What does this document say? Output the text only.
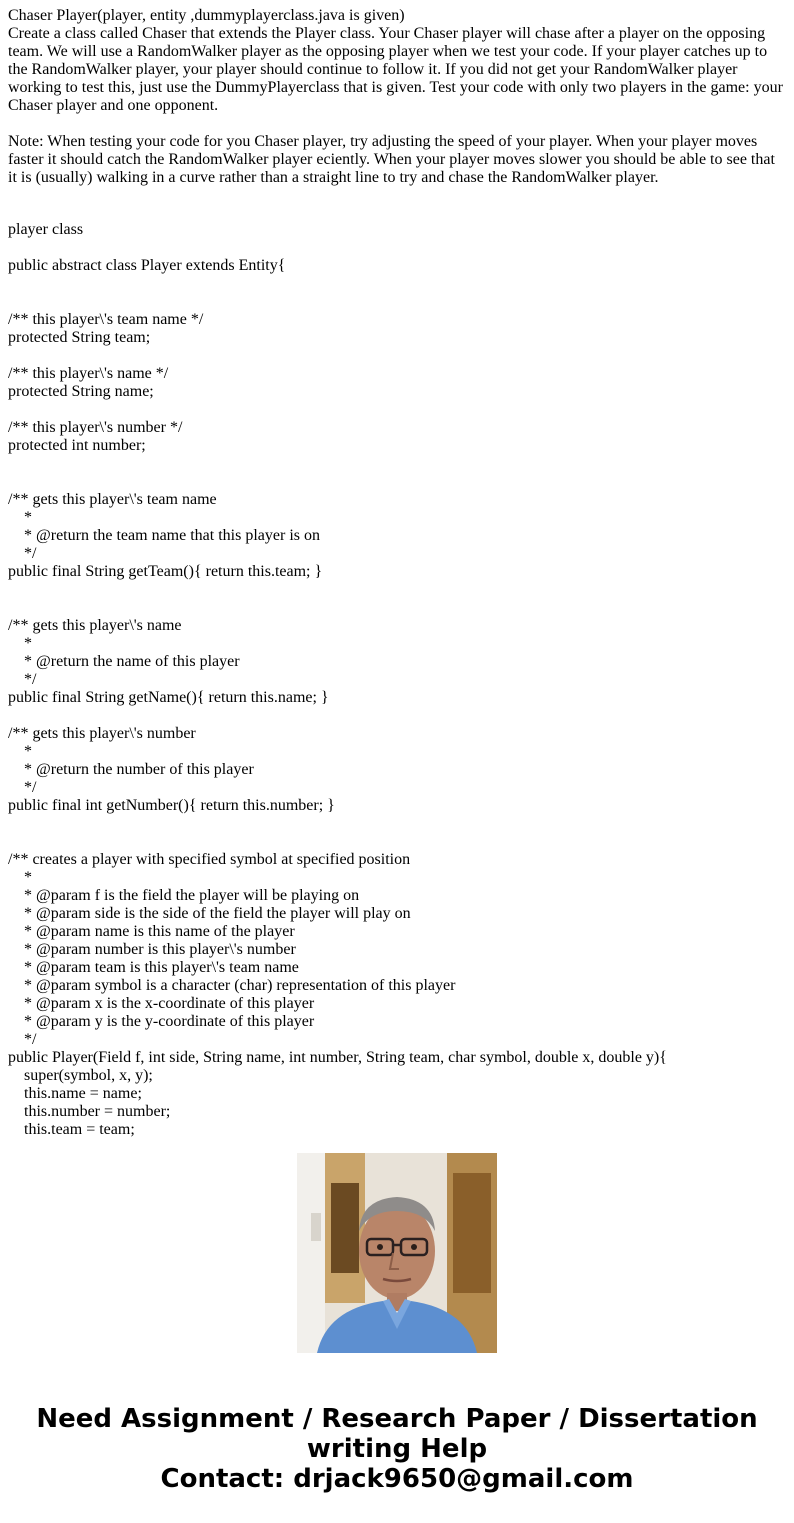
Chaser Player(player, entity ,dummyplayerclass.java is given)
Create a class called Chaser that extends the Player class. Your Chaser player will chase after a player on the opposing team. We will use a RandomWalker player as the opposing player when we test your code. If your player catches up to the RandomWalker player, your player should continue to follow it. If you did not get your RandomWalker player working to test this, just use the DummyPlayerclass that is given. Test your code with only two players in the game: your Chaser player and one opponent.
Note: When testing your code for you Chaser player, try adjusting the speed of your player. When your player moves faster it should catch the RandomWalker player eciently. When your player moves slower you should be able to see that it is (usually) walking in a curve rather than a straight line to try and chase the RandomWalker player.
player class
public abstract class Player extends Entity{
/** this player\'s team name */
protected String team;
/** this player\'s name */
protected String name;
/** this player\'s number */
protected int number;
/** gets this player\'s team name
*
* @return the team name that this player is on
*/
public final String getTeam(){ return this.team; }
/** gets this player\'s name
*
* @return the name of this player
*/
public final String getName(){ return this.name; }
/** gets this player\'s number
*
* @return the number of this player
*/
public final int getNumber(){ return this.number; }
/** creates a player with specified symbol at specified position
*
* @param f is the field the player will be playing on
* @param side is the side of the field the player will play on
* @param name is this name of the player
* @param number is this player\'s number
* @param team is this player\'s team name
* @param symbol is a character (char) representation of this player
* @param x is the x-coordinate of this player
* @param y is the y-coordinate of this player
*/
public Player(Field f, int side, String name, int number, String team, char symbol, double x, double y){
super(symbol, x, y);
this.name = name;
this.number = number;
this.team = team;
Need Assignment / Research Paper / Dissertation
writing Help
Contact: drjack9650@gmail.com
